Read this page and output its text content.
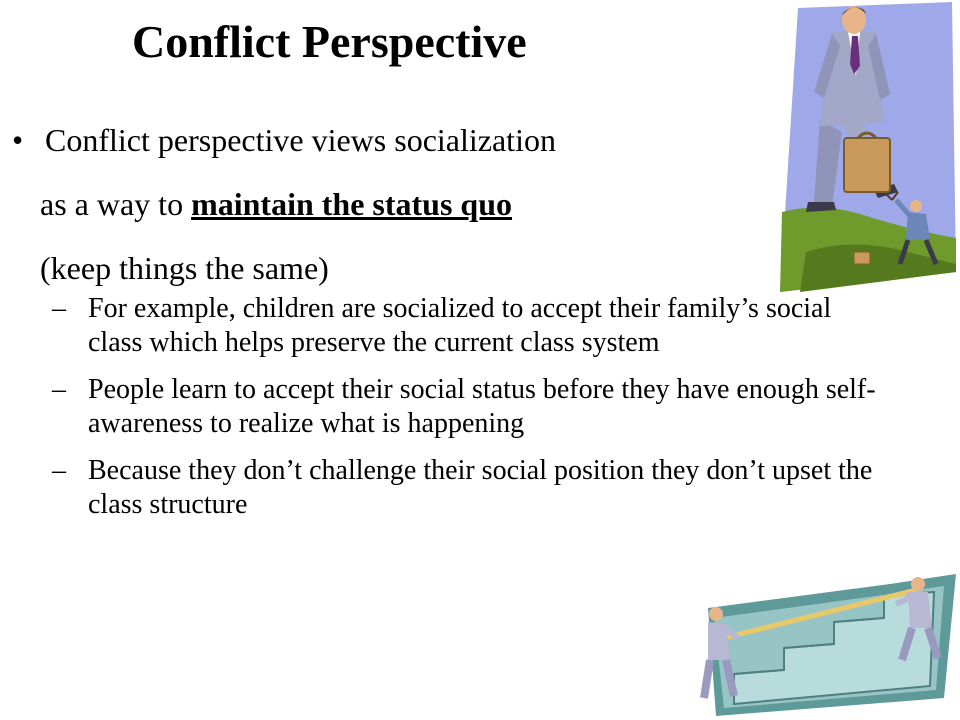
Conflict Perspective
• Conflict perspective views socialization
as a way to maintain the status quo
(keep things the same)
– For example, children are socialized to accept their family’s social class which helps preserve the current class system
– People learn to accept their social status before they have enough self-awareness to realize what is happening
– Because they don’t challenge their social position they don’t upset the class structure
